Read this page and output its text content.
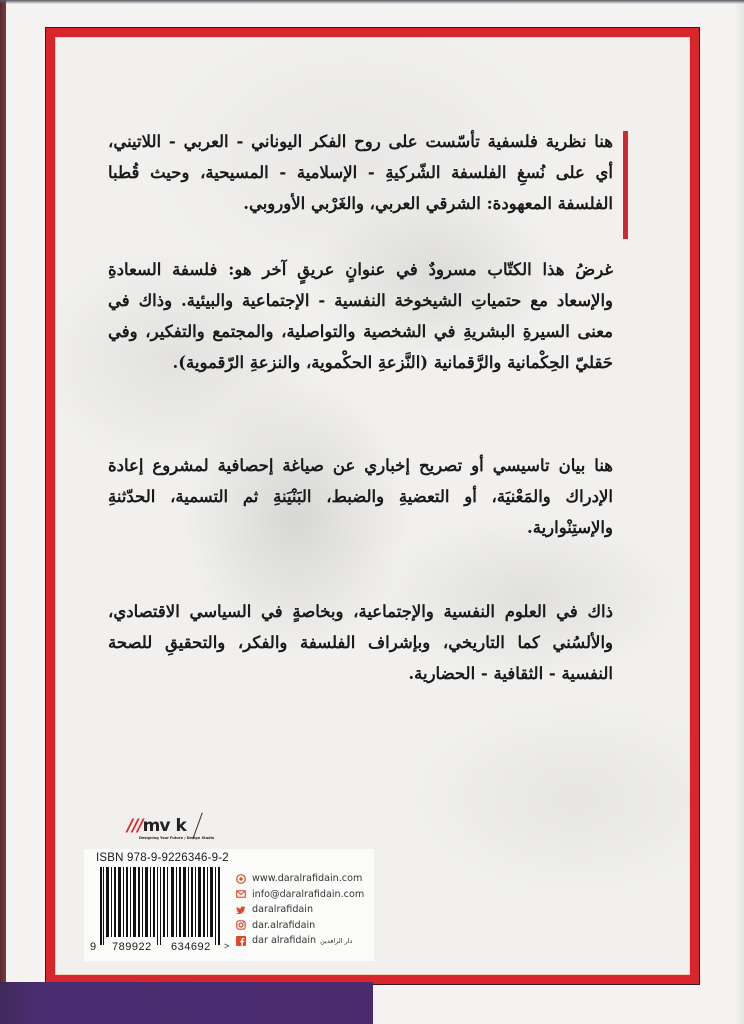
هنا نظرية فلسفية تأسّست على روح الفكر اليوناني - العربي - اللاتيني، أي على نُسغِ الفلسفة الشّركيةِ - الإسلامية - المسيحية، وحيث قُطبا الفلسفة المعهودة: الشرقي العربي، والغَرْبي الأوروبي.

غرضُ هذا الكتّاب مسرودٌ في عنوانٍ عريقٍ آخر هو: فلسفة السعادةِ والإسعاد مع حتمياتِ الشيخوخة النفسية - الإجتماعية والبيئية. وذاك في معنى السيرةِ البشريةِ في الشخصية والتواصلية، والمجتمع والتفكير، وفي حَقليّ الحِكْمانية والرَّقمانية (النَّزعةِ الحكْموية، والنزعةِ الرّقموية).

هنا بيان تاسيسي أو تصريح إخباري عن صياغة إحصافية لمشروع إعادة الإدراك والمَعْنيَة، أو التعضيةِ والضبط، البَنْيَنةِ ثم التسمية، الحدّثنةِ والإستِنْوارية.

ذاك في العلوم النفسية والإجتماعية، وبخاصةٍ في السياسي الاقتصادي، والألسُني كما التاريخي، وبإشراف الفلسفة والفكر، والتحقيقِ للصحة النفسية - الثقافية - الحضارية.

///mv k
Designing Your Future / Design Studio
ISBN 978-9-9226346-9-2
9 789922 634692 >
www.daralrafidain.com
info@daralrafidain.com
daralrafidain
dar.alrafidain
dar alrafidain دار الرافدين
